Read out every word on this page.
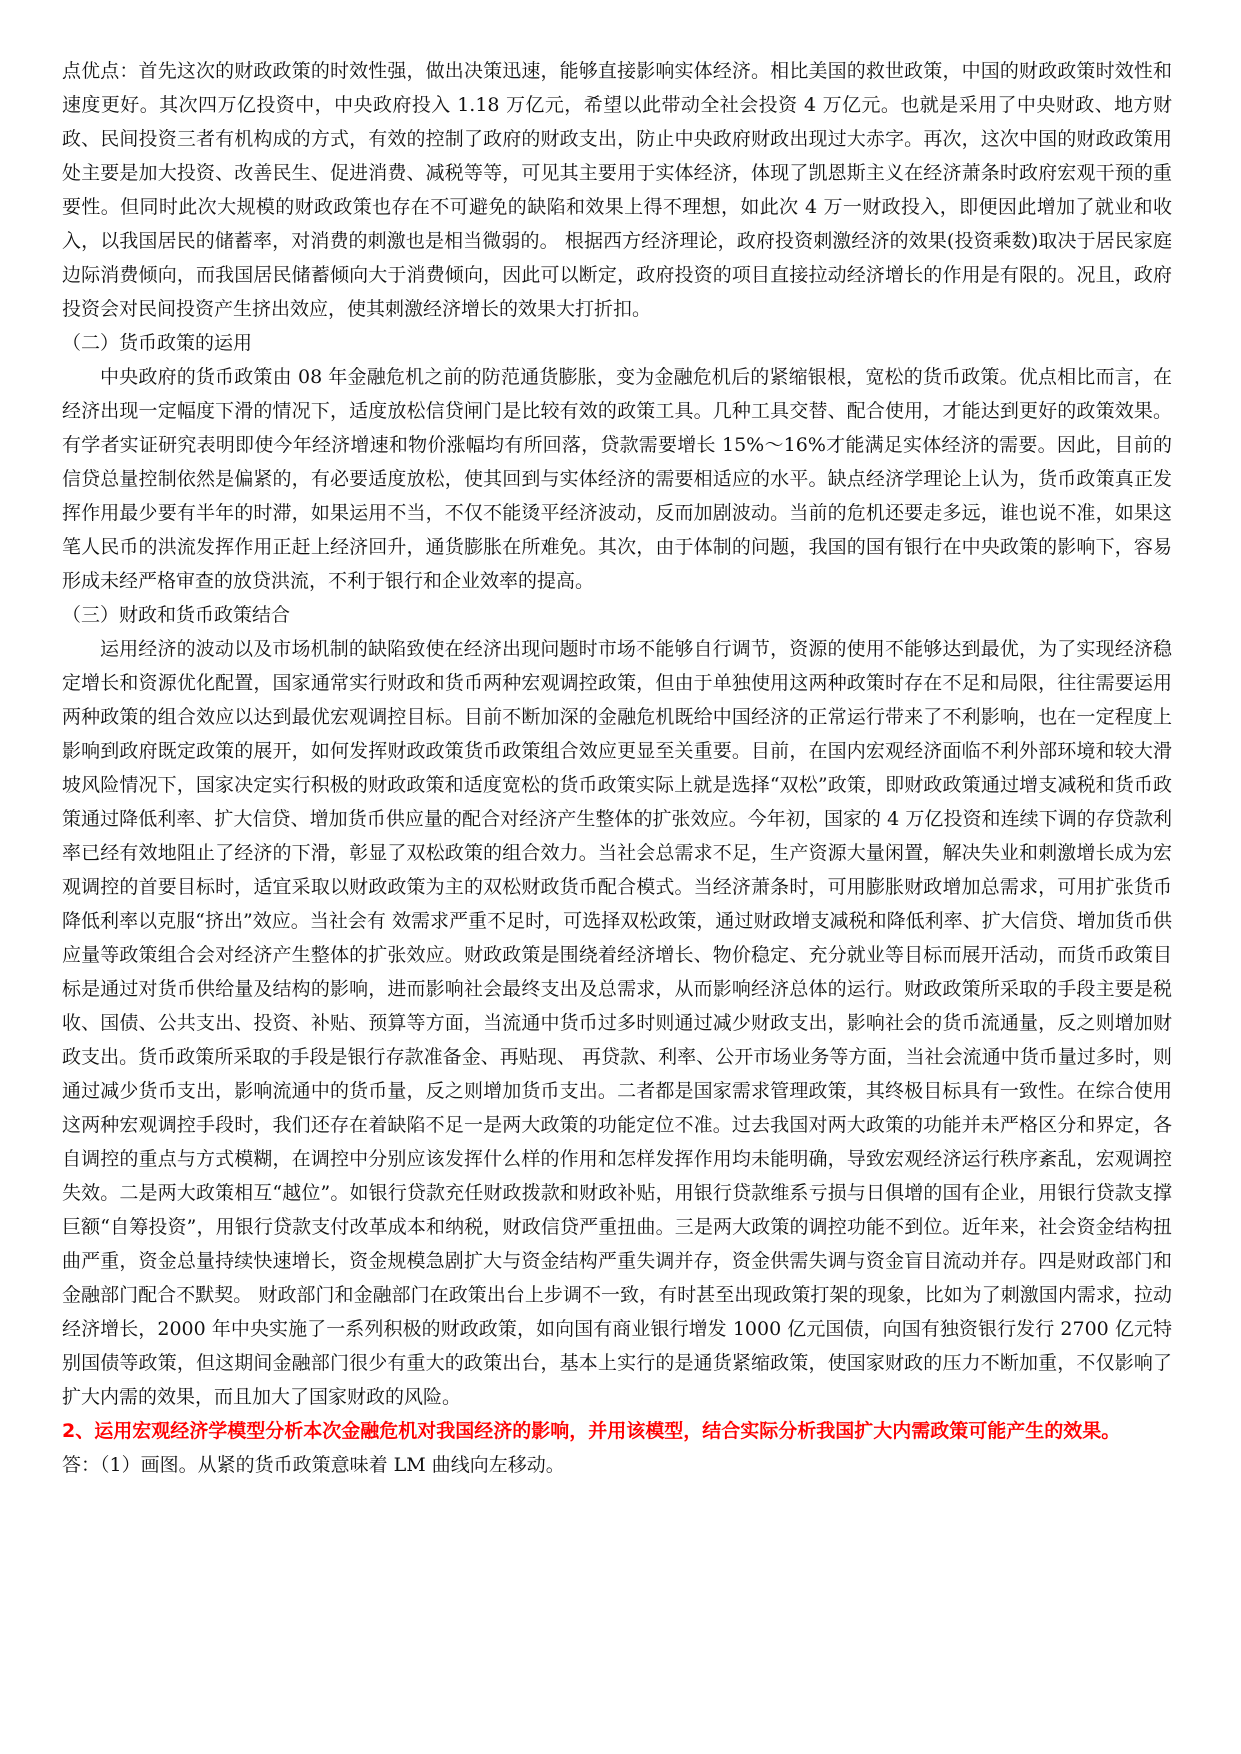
点优点：首先这次的财政政策的时效性强，做出决策迅速，能够直接影响实体经济。相比美国的救世政策，中国的财政政策时效性和速度更好。其次四万亿投资中，中央政府投入 1.18 万亿元，希望以此带动全社会投资 4 万亿元。也就是采用了中央财政、地方财政、民间投资三者有机构成的方式，有效的控制了政府的财政支出，防止中央政府财政出现过大赤字。再次，这次中国的财政政策用处主要是加大投资、改善民生、促进消费、减税等等，可见其主要用于实体经济，体现了凯恩斯主义在经济萧条时政府宏观干预的重要性。但同时此次大规模的财政政策也存在不可避免的缺陷和效果上得不理想，如此次 4 万一财政投入，即便因此增加了就业和收入，以我国居民的储蓄率，对消费的刺激也是相当微弱的。 根据西方经济理论，政府投资刺激经济的效果(投资乘数)取决于居民家庭边际消费倾向，而我国居民储蓄倾向大于消费倾向，因此可以断定，政府投资的项目直接拉动经济增长的作用是有限的。况且，政府投资会对民间投资产生挤出效应，使其刺激经济增长的效果大打折扣。

（二）货币政策的运用

中央政府的货币政策由 08 年金融危机之前的防范通货膨胀，变为金融危机后的紧缩银根，宽松的货币政策。优点相比而言，在经济出现一定幅度下滑的情况下，适度放松信贷闸门是比较有效的政策工具。几种工具交替、配合使用，才能达到更好的政策效果。有学者实证研究表明即使今年经济增速和物价涨幅均有所回落，贷款需要增长 15%～16%才能满足实体经济的需要。因此，目前的信贷总量控制依然是偏紧的，有必要适度放松，使其回到与实体经济的需要相适应的水平。缺点经济学理论上认为，货币政策真正发挥作用最少要有半年的时滞，如果运用不当，不仅不能烫平经济波动，反而加剧波动。当前的危机还要走多远，谁也说不准，如果这笔人民币的洪流发挥作用正赶上经济回升，通货膨胀在所难免。其次，由于体制的问题，我国的国有银行在中央政策的影响下，容易形成未经严格审查的放贷洪流，不利于银行和企业效率的提高。

（三）财政和货币政策结合

运用经济的波动以及市场机制的缺陷致使在经济出现问题时市场不能够自行调节，资源的使用不能够达到最优，为了实现经济稳定增长和资源优化配置，国家通常实行财政和货币两种宏观调控政策，但由于单独使用这两种政策时存在不足和局限，往往需要运用两种政策的组合效应以达到最优宏观调控目标。目前不断加深的金融危机既给中国经济的正常运行带来了不利影响，也在一定程度上影响到政府既定政策的展开，如何发挥财政政策货币政策组合效应更显至关重要。目前，在国内宏观经济面临不利外部环境和较大滑坡风险情况下，国家决定实行积极的财政政策和适度宽松的货币政策实际上就是选择“双松”政策，即财政政策通过增支减税和货币政策通过降低利率、扩大信贷、增加货币供应量的配合对经济产生整体的扩张效应。今年初，国家的 4 万亿投资和连续下调的存贷款利率已经有效地阻止了经济的下滑，彰显了双松政策的组合效力。当社会总需求不足，生产资源大量闲置，解决失业和刺激增长成为宏观调控的首要目标时，适宜采取以财政政策为主的双松财政货币配合模式。当经济萧条时，可用膨胀财政增加总需求，可用扩张货币降低利率以克服“挤出”效应。当社会有 效需求严重不足时，可选择双松政策，通过财政增支减税和降低利率、扩大信贷、增加货币供应量等政策组合会对经济产生整体的扩张效应。财政政策是围绕着经济增长、物价稳定、充分就业等目标而展开活动，而货币政策目标是通过对货币供给量及结构的影响，进而影响社会最终支出及总需求，从而影响经济总体的运行。财政政策所采取的手段主要是税收、国债、公共支出、投资、补贴、预算等方面，当流通中货币过多时则通过减少财政支出，影响社会的货币流通量，反之则增加财政支出。货币政策所采取的手段是银行存款准备金、再贴现、 再贷款、利率、公开市场业务等方面，当社会流通中货币量过多时，则通过减少货币支出，影响流通中的货币量，反之则增加货币支出。二者都是国家需求管理政策，其终极目标具有一致性。在综合使用这两种宏观调控手段时，我们还存在着缺陷不足一是两大政策的功能定位不准。过去我国对两大政策的功能并未严格区分和界定，各自调控的重点与方式模糊，在调控中分别应该发挥什么样的作用和怎样发挥作用均未能明确，导致宏观经济运行秩序紊乱，宏观调控失效。二是两大政策相互“越位”。如银行贷款充任财政拨款和财政补贴，用银行贷款维系亏损与日俱增的国有企业，用银行贷款支撑巨额“自筹投资”，用银行贷款支付改革成本和纳税，财政信贷严重扭曲。三是两大政策的调控功能不到位。近年来，社会资金结构扭曲严重，资金总量持续快速增长，资金规模急剧扩大与资金结构严重失调并存，资金供需失调与资金盲目流动并存。四是财政部门和金融部门配合不默契。 财政部门和金融部门在政策出台上步调不一致，有时甚至出现政策打架的现象，比如为了刺激国内需求，拉动经济增长，2000 年中央实施了一系列积极的财政政策，如向国有商业银行增发 1000 亿元国债，向国有独资银行发行 2700 亿元特别国债等政策，但这期间金融部门很少有重大的政策出台，基本上实行的是通货紧缩政策，使国家财政的压力不断加重，不仅影响了扩大内需的效果，而且加大了国家财政的风险。

2、运用宏观经济学模型分析本次金融危机对我国经济的影响，并用该模型，结合实际分析我国扩大内需政策可能产生的效果。

答：（1）画图。从紧的货币政策意味着 LM 曲线向左移动。
